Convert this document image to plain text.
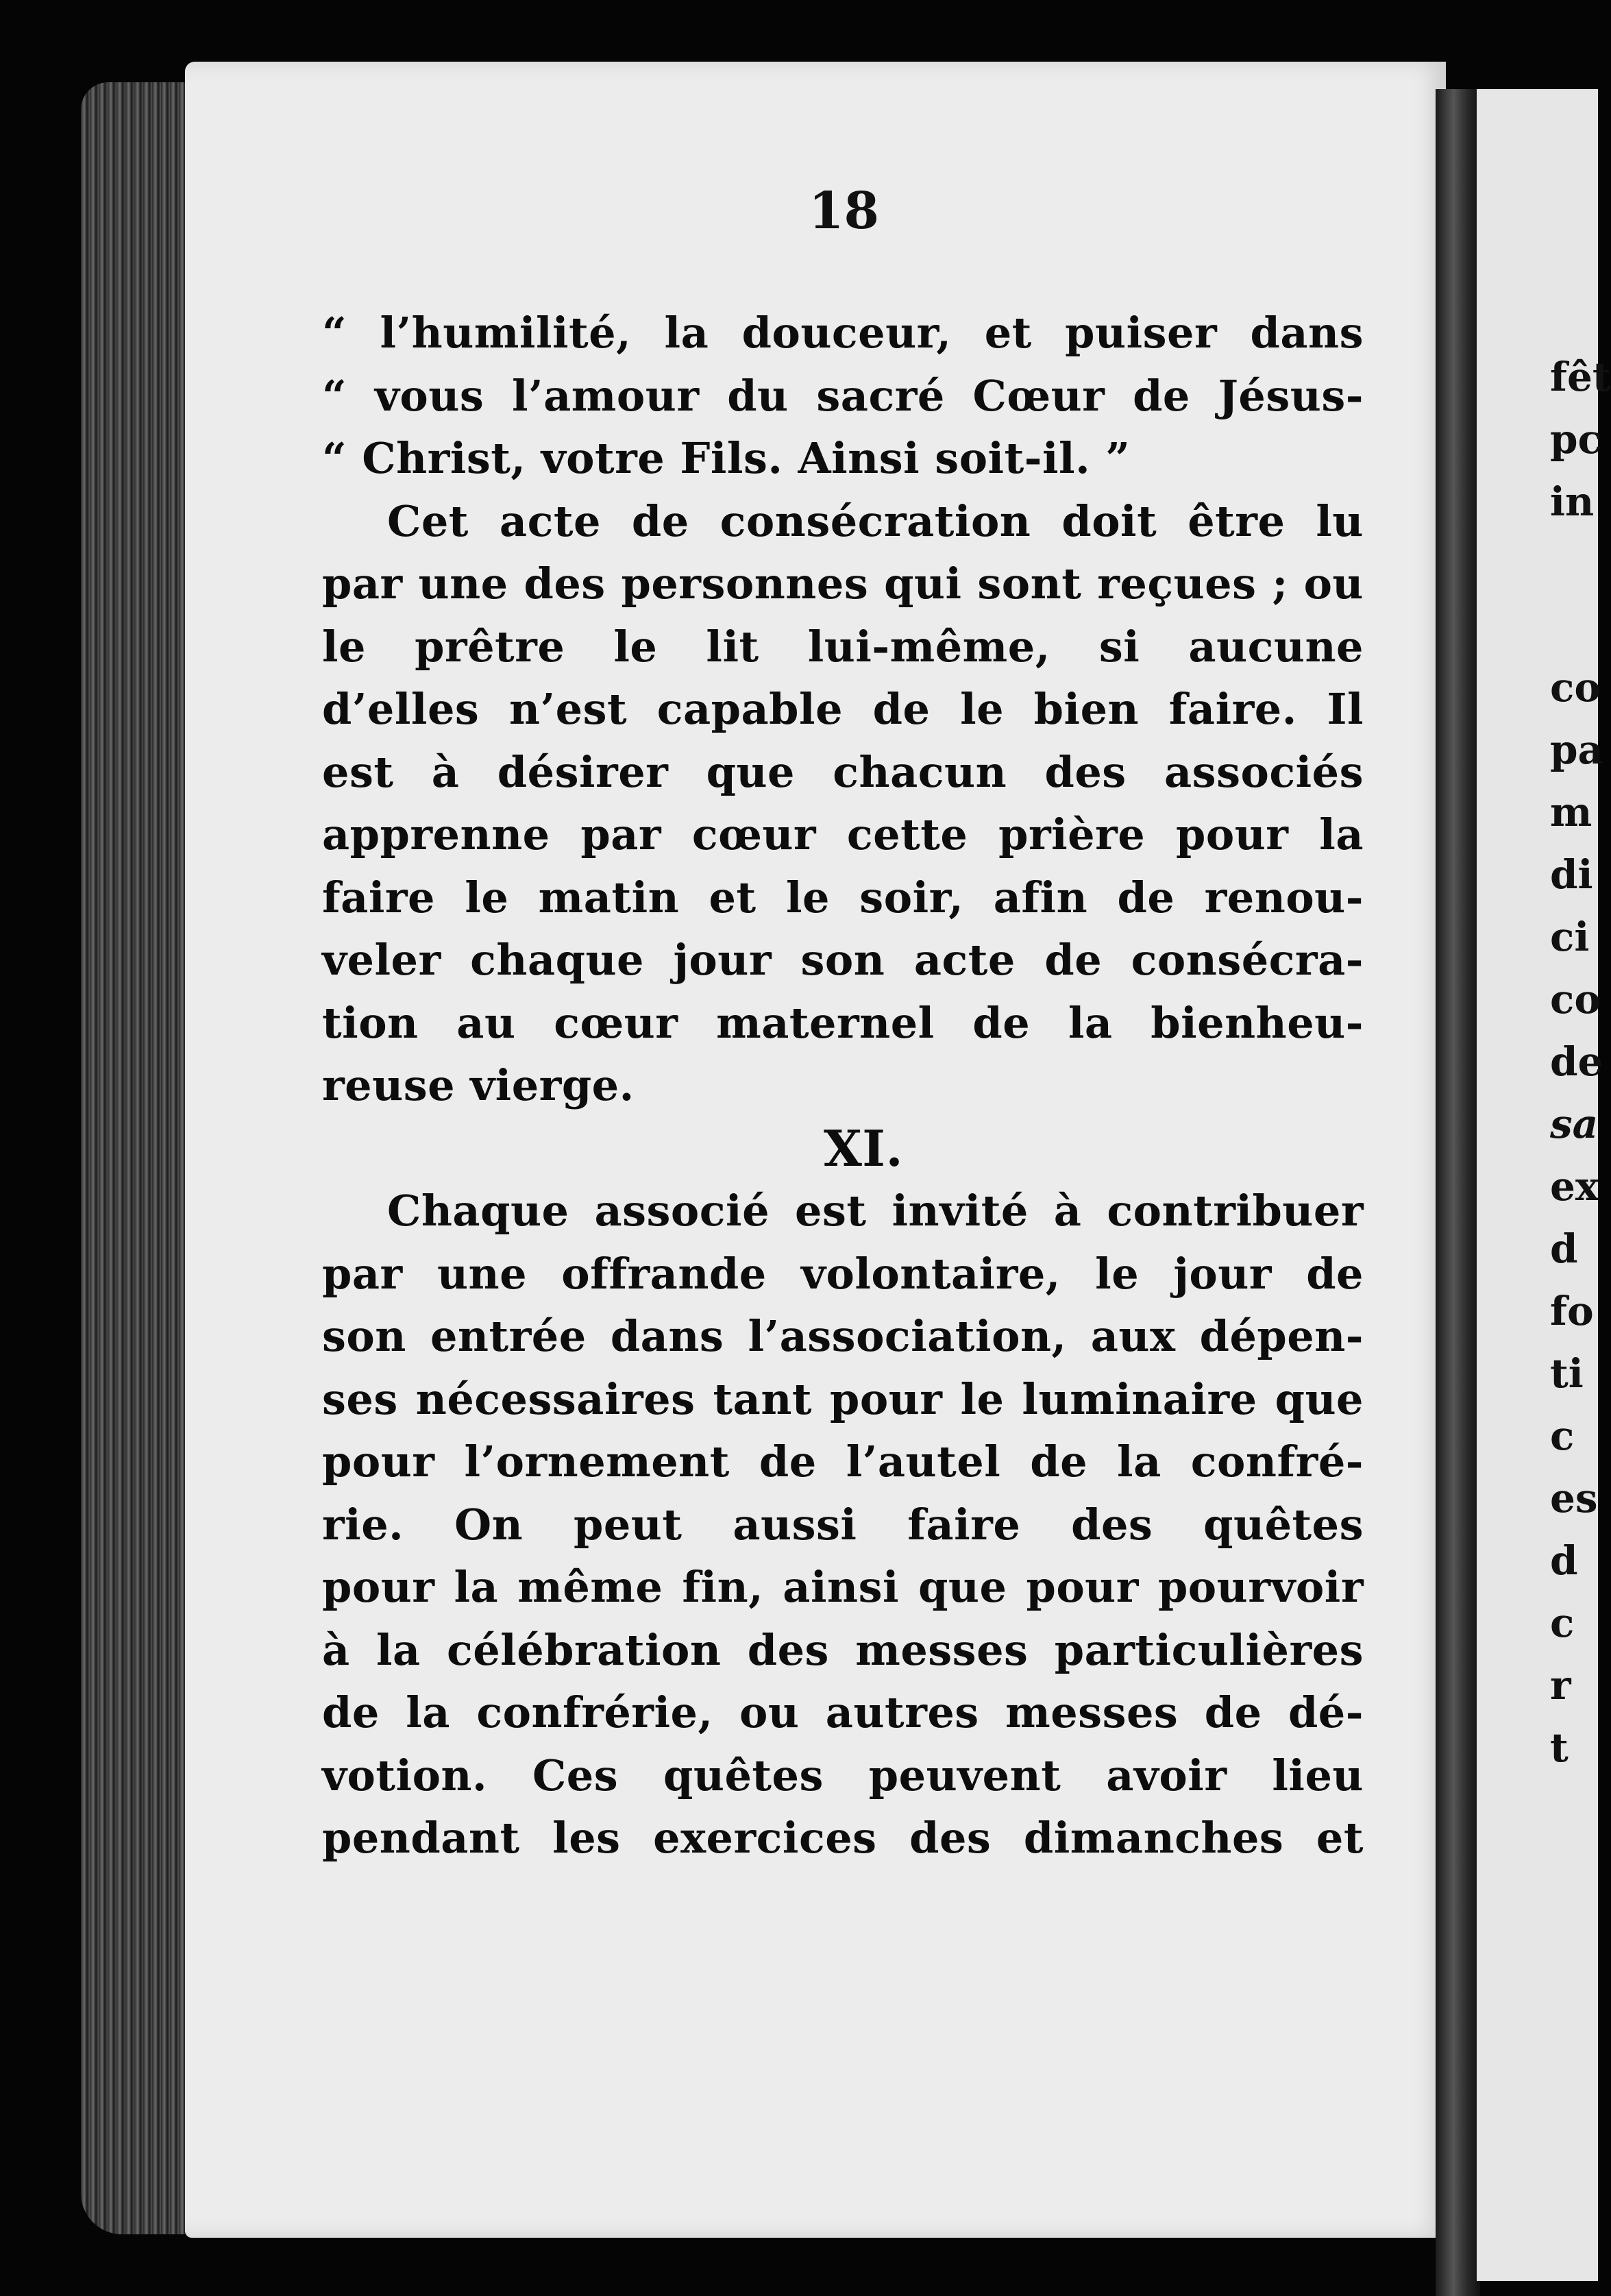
18
“ l’humilité, la douceur, et puiser dans
“ vous l’amour du sacré Cœur de Jésus-
“ Christ, votre Fils. Ainsi soit-il. ”
Cet acte de consécration doit être lu
par une des personnes qui sont reçues ; ou
le prêtre le lit lui-même, si aucune
d’elles n’est capable de le bien faire. Il
est à désirer que chacun des associés
apprenne par cœur cette prière pour la
faire le matin et le soir, afin de renou-
veler chaque jour son acte de consécra-
tion au cœur maternel de la bienheu-
reuse vierge.
XI.
Chaque associé est invité à contribuer
par une offrande volontaire, le jour de
son entrée dans l’association, aux dépen-
ses nécessaires tant pour le luminaire que
pour l’ornement de l’autel de la confré-
rie. On peut aussi faire des quêtes
pour la même fin, ainsi que pour pourvoir
à la célébration des messes particulières
de la confrérie, ou autres messes de dé-
votion. Ces quêtes peuvent avoir lieu
pendant les exercices des dimanches et
fêt
pc
in
co
pa
m
di
ci
co
de
sa
ex
d
fo
ti
c
es
d
c
r
t
